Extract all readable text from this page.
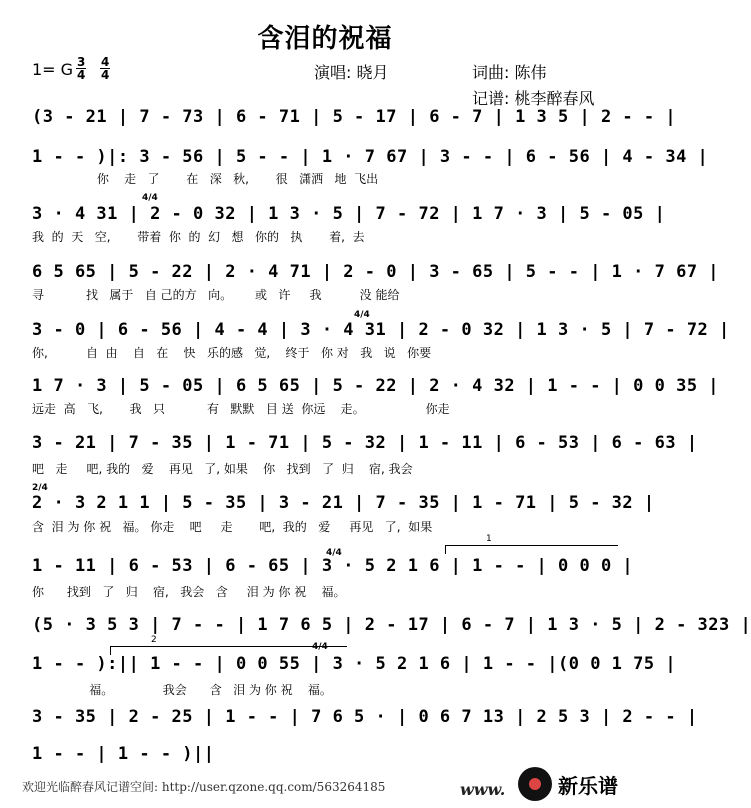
含泪的祝福
1= G 3
4
4
4	演唱: 晓月	词曲: 陈伟
记谱: 桃李醉春风
(3 - 21 | 7 - 73 | 6 - 71 | 5 - 17 | 6 - 7 | 1 3 5 | 2 - - |
1 - - )|: 3 - 56 | 5 - - | 1 · 7 67 | 3 - - | 6 - 56 | 4 - 34 |
你    走   了       在   深   秋,       很   潇洒   地  飞出
4/4
3 · 4 31 | 2 - 0 32 | 1 3 · 5 | 7 - 72 | 1 7 · 3 | 5 - 05 |
我  的  天   空,       带着  你  的  幻   想   你的   执       着,  去
6 5 65 | 5 - 22 | 2 · 4 71 | 2 - 0 | 3 - 65 | 5 - - | 1 · 7 67 |
寻           找   属于   自 己的方   向。      或   许     我          没 能给
4/4
3 - 0 | 6 - 56 | 4 - 4 | 3 · 4 31 | 2 - 0 32 | 1 3 · 5 | 7 - 72 |
你,          自  由    自   在    快   乐的感   觉,    终于   你 对   我   说   你要
1 7 · 3 | 5 - 05 | 6 5 65 | 5 - 22 | 2 · 4 32 | 1 - - | 0 0 35 |
远走  高   飞,       我   只           有   默默   目 送  你远    走。                你走
3 - 21 | 7 - 35 | 1 - 71 | 5 - 32 | 1 - 11 | 6 - 53 | 6 - 63 |
吧   走     吧, 我的   爱    再见   了, 如果    你   找到   了  归    宿, 我会
2/4
2 · 3 2 1 1 | 5 - 35 | 3 - 21 | 7 - 35 | 1 - 71 | 5 - 32 |
含  泪 为 你 祝   福。 你走    吧     走       吧,  我的   爱     再见   了,  如果
1
4/4
1 - 11 | 6 - 53 | 6 - 65 | 3 · 5 2 1 6 | 1 - - | 0 0 0 |
你      找到   了   归    宿,   我会   含     泪 为 你 祝    福。
(5 · 3 5 3 | 7 - - | 1 7 6 5 | 2 - 17 | 6 - 7 | 1 3 · 5 | 2 - 323 |
2
4/4
1 - - ):|| 1 - - | 0 0 55 | 3 · 5 2 1 6 | 1 - - |(0 0 1 75 |
福。             我会      含   泪 为 你 祝    福。
3 - 35 | 2 - 25 | 1 - - | 7 6 5 · | 0 6 7 13 | 2 5 3 | 2 - - |
1 - - | 1 - - )||
欢迎光临醉春风记谱空间: http://user.qzone.qq.com/563264185	www.	新乐谱
